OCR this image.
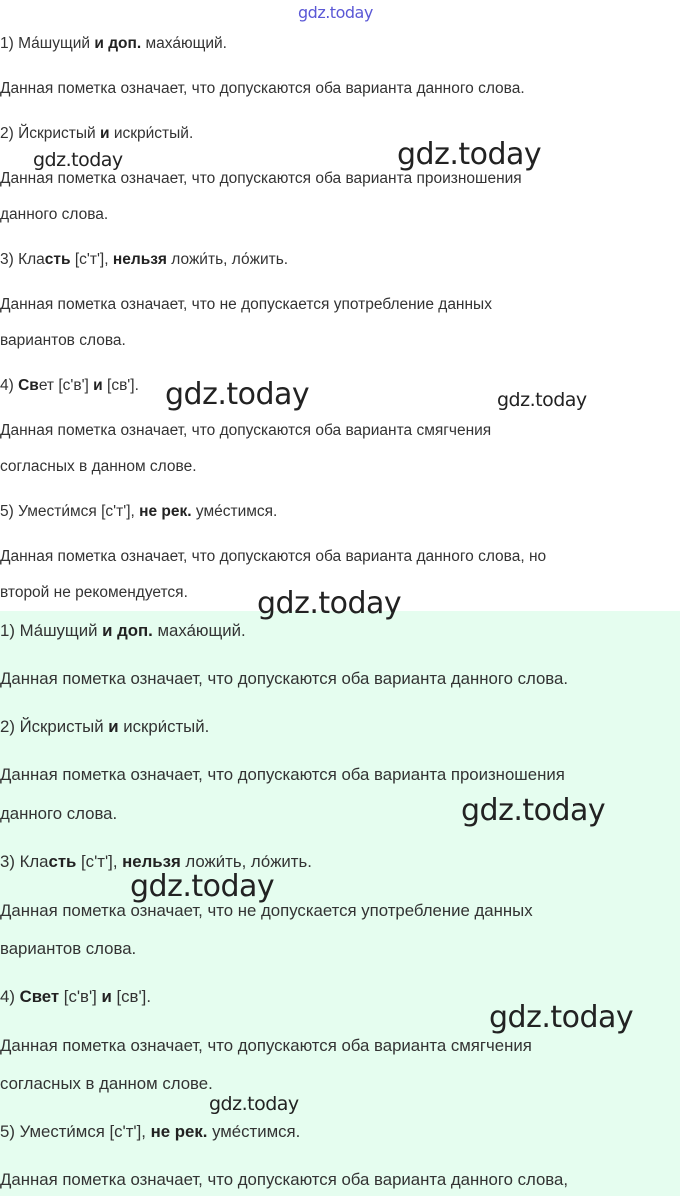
1) Ма́шущий и доп. маха́ющий.
Данная пометка означает, что допускаются оба варианта данного слова.
2) Йскристый и искри́стый.
Данная пометка означает, что допускаются оба варианта произношения
данного слова.
3) Класть [с'т'], нельзя ложи́ть, ло́жить.
Данная пометка означает, что не допускается употребление данных
вариантов слова.
4) Свет [с'в'] и [св'].
Данная пометка означает, что допускаются оба варианта смягчения
согласных в данном слове.
5) Умести́мся [с'т'], не рек. уме́стимся.
Данная пометка означает, что допускаются оба варианта данного слова, но
второй не рекомендуется.
gdz.today
gdz.today	gdz.today
gdz.today	gdz.today
gdz.today
1) Ма́шущий и доп. маха́ющий.
Данная пометка означает, что допускаются оба варианта данного слова.
2) Йскристый и искри́стый.
Данная пометка означает, что допускаются оба варианта произношения
данного слова.
3) Класть [с'т'], нельзя ложи́ть, ло́жить.
Данная пометка означает, что не допускается употребление данных
вариантов слова.
4) Свет [с'в'] и [св'].
Данная пометка означает, что допускаются оба варианта смягчения
согласных в данном слове.
5) Умести́мся [с'т'], не рек. уме́стимся.
Данная пометка означает, что допускаются оба варианта данного слова,
gdz.today
gdz.today
gdz.today
gdz.today
